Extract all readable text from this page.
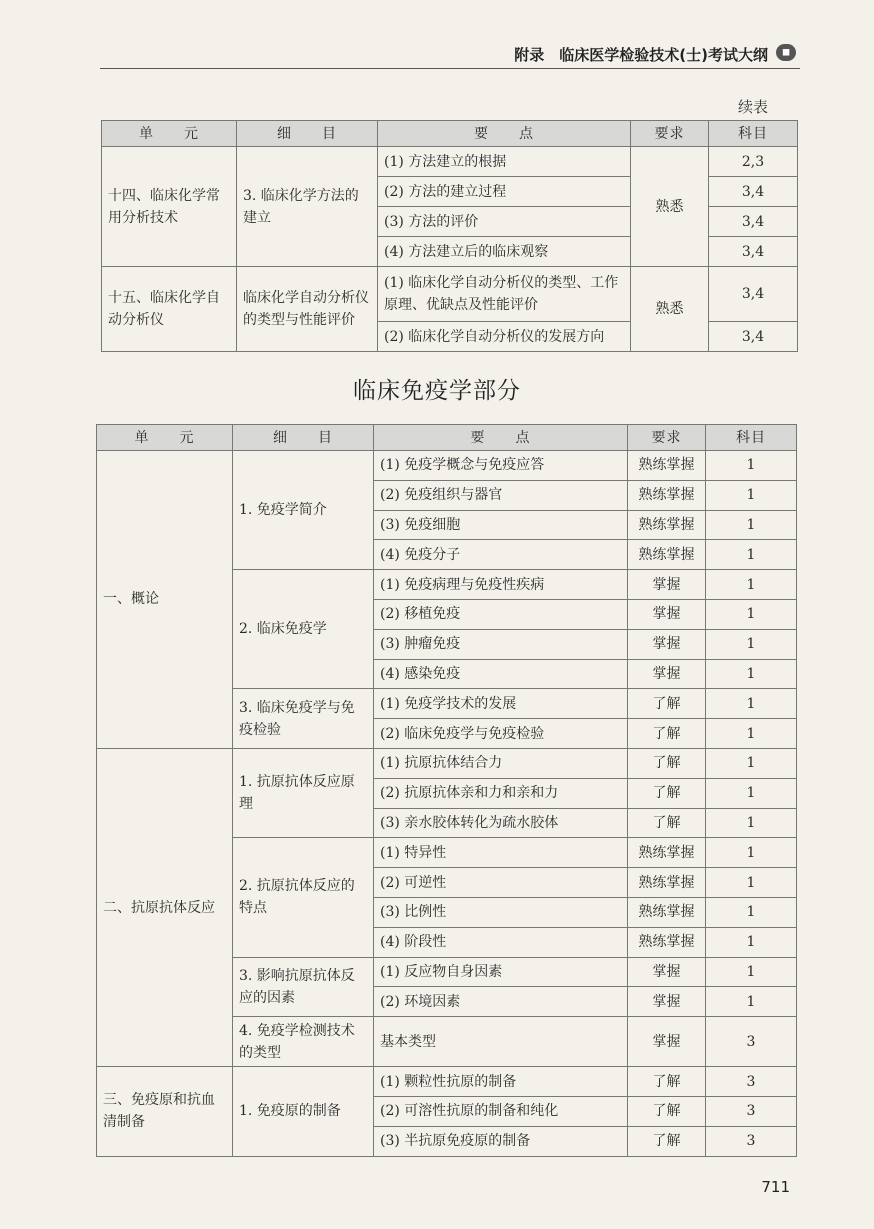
附录　临床医学检验技术(士)考试大纲	◼
续表
单　　元	细　　目	要　　点	要求	科目
十四、临床化学常用分析技术	3. 临床化学方法的建立	(1) 方法建立的根据	熟悉	2,3
		(2) 方法的建立过程		3,4
		(3) 方法的评价		3,4
		(4) 方法建立后的临床观察		3,4
十五、临床化学自动分析仪	临床化学自动分析仪的类型与性能评价	(1) 临床化学自动分析仪的类型、工作原理、优缺点及性能评价	熟悉	3,4
		(2) 临床化学自动分析仪的发展方向		3,4
临床免疫学部分
单　　元	细　　目	要　　点	要求	科目
一、概论	1. 免疫学简介	(1) 免疫学概念与免疫应答	熟练掌握	1
		(2) 免疫组织与器官	熟练掌握	1
		(3) 免疫细胞	熟练掌握	1
		(4) 免疫分子	熟练掌握	1
	2. 临床免疫学	(1) 免疫病理与免疫性疾病	掌握	1
		(2) 移植免疫	掌握	1
		(3) 肿瘤免疫	掌握	1
		(4) 感染免疫	掌握	1
	3. 临床免疫学与免疫检验	(1) 免疫学技术的发展	了解	1
		(2) 临床免疫学与免疫检验	了解	1
二、抗原抗体反应	1. 抗原抗体反应原理	(1) 抗原抗体结合力	了解	1
		(2) 抗原抗体亲和力和亲和力	了解	1
		(3) 亲水胶体转化为疏水胶体	了解	1
	2. 抗原抗体反应的特点	(1) 特异性	熟练掌握	1
		(2) 可逆性	熟练掌握	1
		(3) 比例性	熟练掌握	1
		(4) 阶段性	熟练掌握	1
	3. 影响抗原抗体反应的因素	(1) 反应物自身因素	掌握	1
		(2) 环境因素	掌握	1
	4. 免疫学检测技术的类型	基本类型	掌握	3
三、免疫原和抗血清制备	1. 免疫原的制备	(1) 颗粒性抗原的制备	了解	3
		(2) 可溶性抗原的制备和纯化	了解	3
		(3) 半抗原免疫原的制备	了解	3
711
